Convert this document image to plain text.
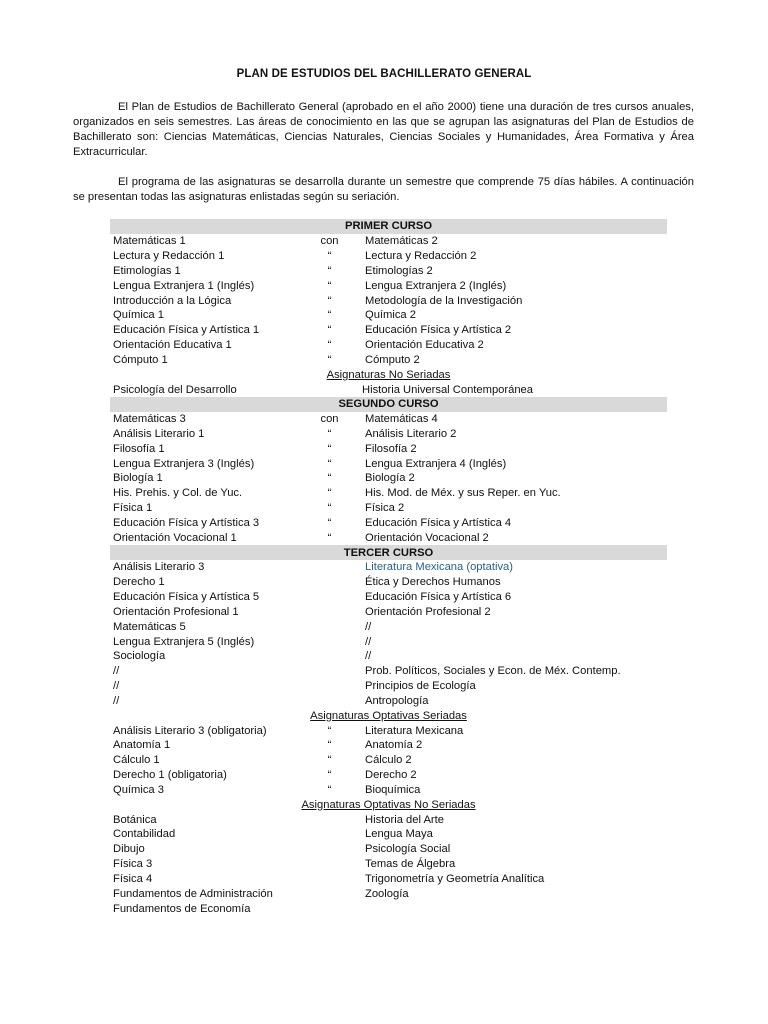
PLAN DE ESTUDIOS DEL BACHILLERATO GENERAL

El Plan de Estudios de Bachillerato General (aprobado en el año 2000) tiene una duración de tres cursos anuales, organizados en seis semestres. Las áreas de conocimiento en las que se agrupan las asignaturas del Plan de Estudios de Bachillerato son: Ciencias Matemáticas, Ciencias Naturales, Ciencias Sociales y Humanidades, Área Formativa y Área Extracurricular.

El programa de las asignaturas se desarrolla durante un semestre que comprende 75 días hábiles. A continuación se presentan todas las asignaturas enlistadas según su seriación.

PRIMER CURSO		
Matemáticas 1	con	Matemáticas 2
Lectura y Redacción 1	“	Lectura y Redacción 2
Etimologías 1	“	Etimologías 2
Lengua Extranjera 1 (Inglés)	“	Lengua Extranjera 2 (Inglés)
Introducción a la Lógica	“	Metodología de la Investigación
Química 1	“	Química 2
Educación Física y Artística 1	“	Educación Física y Artística 2
Orientación Educativa 1	“	Orientación Educativa 2
Cómputo 1	“	Cómputo 2
Asignaturas No Seriadas		
Psicología del Desarrollo		Historia Universal Contemporánea
SEGUNDO CURSO		
Matemáticas 3	con	Matemáticas 4
Análisis Literario 1	“	Análisis Literario 2
Filosofía 1	“	Filosofía 2
Lengua Extranjera 3 (Inglés)	“	Lengua Extranjera 4 (Inglés)
Biología 1	“	Biología 2
His. Prehis. y Col. de Yuc.	“	His. Mod. de Méx. y sus Reper. en Yuc.
Física 1	“	Física 2
Educación Física y Artística 3	“	Educación Física y Artística 4
Orientación Vocacional 1	“	Orientación Vocacional 2
TERCER CURSO		
Análisis Literario 3		Literatura Mexicana (optativa)
Derecho 1		Ética y Derechos Humanos
Educación Física y Artística 5		Educación Física y Artística 6
Orientación Profesional 1		Orientación Profesional 2
Matemáticas 5		//
Lengua Extranjera 5 (Inglés)		//
Sociología		//
//		Prob. Políticos, Sociales y Econ. de Méx. Contemp.
//		Principios de Ecología
//		Antropología
Asignaturas Optativas Seriadas		
Análisis Literario 3 (obligatoria)	“	Literatura Mexicana
Anatomía 1	“	Anatomía 2
Cálculo 1	“	Cálculo 2
Derecho 1 (obligatoria)	“	Derecho 2
Química 3	“	Bioquímica
Asignaturas Optativas No Seriadas		
Botánica		Historia del Arte
Contabilidad		Lengua Maya
Dibujo		Psicología Social
Física 3		Temas de Álgebra
Física 4		Trigonometría y Geometría Analítica
Fundamentos de Administración		Zoología
Fundamentos de Economía		
